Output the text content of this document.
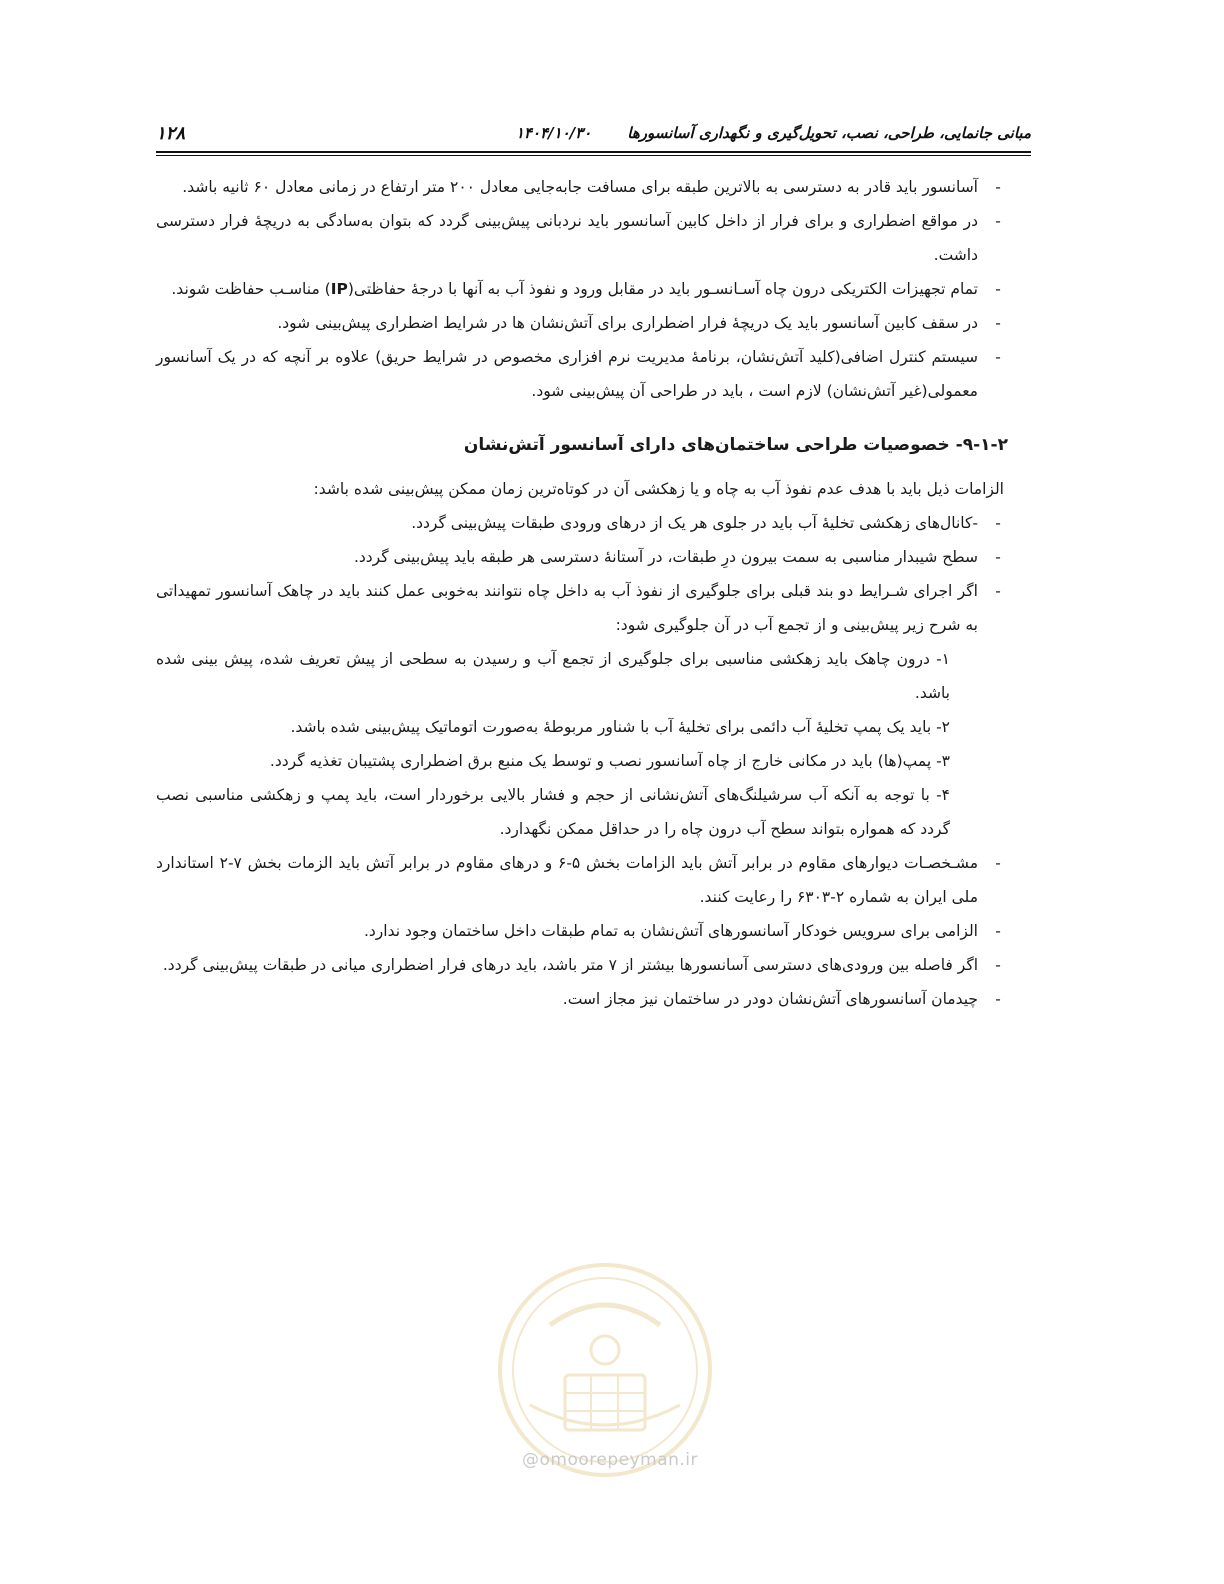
مبانی جانمایی، طراحی، نصب، تحویل‌گیری و نگهداری آسانسورها
۱۴۰۴/۱۰/۳۰
۱۲۸
-
آسانسور باید قادر به دسترسی به بالاترین طبقه برای مسافت جابه‌جایی معادل ۲۰۰ متر ارتفاع در زمانی معادل ۶۰ ثانیه باشد.
-
در مواقع اضطراری و برای فرار از داخل کابین آسانسور باید نردبانی پیش‌بینی گردد که بتوان به‌سادگی به دریچهٔ فرار دسترسی داشت.
-
تمام تجهیزات الکتریکی درون چاه آسـانسـور باید در مقابل ورود و نفوذ آب به آنها با درجهٔ حفاظتی(IP) مناسـب حفاظت شوند.
-
در سقف کابین آسانسور باید یک دریچهٔ فرار اضطراری برای آتش‌نشان ها در شرایط اضطراری پیش‌بینی شود.
-
سیستم کنترل اضافی(کلید آتش‌نشان، برنامهٔ مدیریت نرم افزاری مخصوص در شرایط حریق) علاوه بر آنچه که در یک آسانسور معمولی(غیر آتش‌نشان) لازم است ، باید در طراحی آن پیش‌بینی شود.
۹-۱-۲- خصوصیات طراحی ساختمان‌های دارای آسانسور آتش‌نشان
الزامات ذیل باید با هدف عدم نفوذ آب به چاه و یا زهکشی آن در کوتاه‌ترین زمان ممکن پیش‌بینی شده باشد:
-
-کانال‌های زهکشی تخلیهٔ آب باید در جلوی هر یک از درهای ورودی طبقات پیش‌بینی گردد.
-
سطح شیبدار مناسبی به سمت بیرون درِ طبقات، در آستانهٔ دسترسی هر طبقه باید پیش‌بینی گردد.
-
اگر اجرای شـرایط دو بند قبلی برای جلوگیری از نفوذ آب به داخل چاه نتوانند به‌خوبی عمل کنند باید در چاهک آسانسور تمهیداتی به شرح زیر پیش‌بینی و از تجمع آب در آن جلوگیری شود:
۱- درون چاهک باید زهکشی مناسبی برای جلوگیری از تجمع آب و رسیدن به سطحی از پیش تعریف شده، پیش بینی شده باشد.
۲- باید یک پمپ تخلیهٔ آب دائمی برای تخلیهٔ آب با شناور مربوطهٔ به‌صورت اتوماتیک پیش‌بینی شده باشد.
۳- پمپ(ها) باید در مکانی خارج از چاه آسانسور نصب و توسط یک منبع برق اضطراری پشتیبان تغذیه گردد.
۴- با توجه به آنکه آب سرشیلنگ‌های آتش‌نشانی از حجم و فشار بالایی برخوردار است، باید پمپ و زهکشی مناسبی نصب گردد که همواره بتواند سطح آب درون چاه را در حداقل ممکن نگهدارد.
-
مشـخصـات دیوارهای مقاوم در برابر آتش باید الزامات بخش ۵-۶ و درهای مقاوم در برابر آتش باید الزمات بخش ۷-۲ استاندارد ملی ایران به شماره ۲-۶۳۰۳ را رعایت کنند.
-
الزامی برای سرویس خودکار آسانسورهای آتش‌نشان به تمام طبقات داخل ساختمان وجود ندارد.
-
اگر فاصله بین ورودی‌های دسترسی آسانسورها بیشتر از ۷ متر باشد، باید درهای فرار اضطراری میانی در طبقات پیش‌بینی گردد.
-
چیدمان آسانسورهای آتش‌نشان دودر در ساختمان نیز مجاز است.
@omoorepeyman.ir
